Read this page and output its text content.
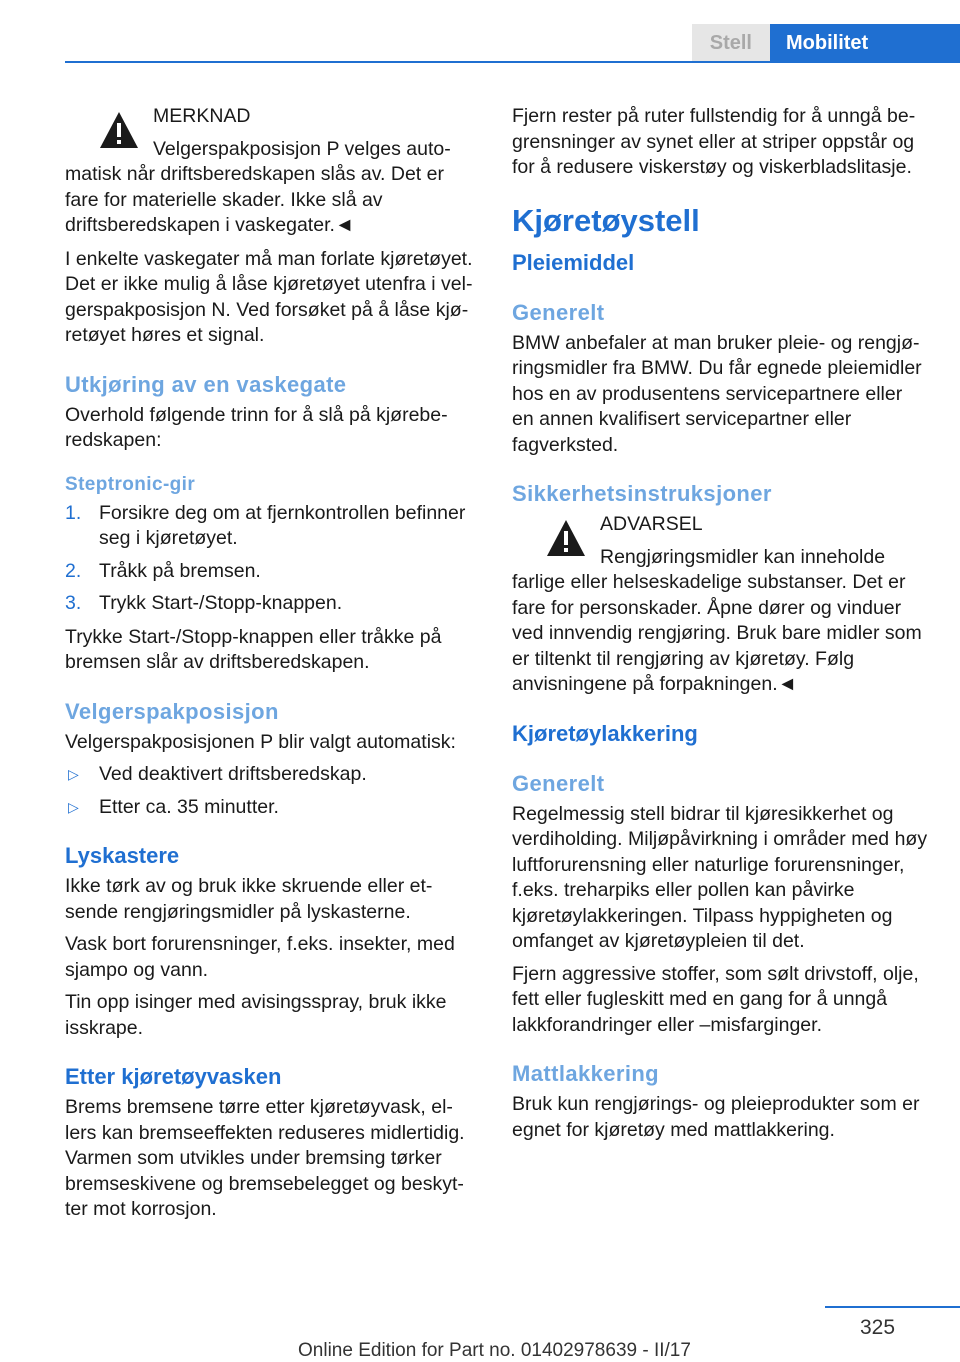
Stell	Mobilitet
MERKNAD

Velgerspakposisjon P velges automatisk når driftsberedskapen slås av. Det er fare for materielle skader. Ikke slå av driftsberedskapen i vaskegater.◄

I enkelte vaskegater må man forlate kjøretøyet. Det er ikke mulig å låse kjøretøyet utenfra i velgerspakposisjon N. Ved forsøket på å låse kjøretøyet høres et signal.

Utkjøring av en vaskegate

Overhold følgende trinn for å slå på kjøreberedskapen:

Steptronic-gir
1. Forsikre deg om at fjernkontrollen befinner seg i kjøretøyet.
2. Tråkk på bremsen.
3. Trykk Start-/Stopp-knappen.

Trykke Start-/Stopp-knappen eller tråkke på bremsen slår av driftsberedskapen.

Velgerspakposisjon

Velgerspakposisjonen P blir valgt automatisk:

▷ Ved deaktivert driftsberedskap.
▷ Etter ca. 35 minutter.
Lyskastere

Ikke tørk av og bruk ikke skruende eller etsende rengjøringsmidler på lyskasterne.

Vask bort forurensninger, f.eks. insekter, med sjampo og vann.

Tin opp isinger med avisingsspray, bruk ikke isskrape.

Etter kjøretøyvasken

Brems bremsene tørre etter kjøretøyvask, ellers kan bremseeffekten reduseres midlertidig. Varmen som utvikles under bremsing tørker bremseskivene og bremsebelegget og beskytter mot korrosjon.

Fjern rester på ruter fullstendig for å unngå begrensninger av synet eller at striper oppstår og for å redusere viskerstøy og viskerbladslitasje.

Kjøretøystell
Pleiemiddel
Generelt

BMW anbefaler at man bruker pleie- og rengjøringsmidler fra BMW. Du får egnede pleiemidler hos en av produsentens servicepartnere eller en annen kvalifisert servicepartner eller fagverksted.

Sikkerhetsinstruksjoner
ADVARSEL

Rengjøringsmidler kan inneholde farlige eller helseskadelige substanser. Det er fare for personskader. Åpne dører og vinduer ved innvendig rengjøring. Bruk bare midler som er tiltenkt til rengjøring av kjøretøy. Følg anvisningene på forpakningen.◄

Kjøretøylakkering
Generelt

Regelmessig stell bidrar til kjøresikkerhet og verdiholding. Miljøpåvirkning i områder med høy luftforurensning eller naturlige forurensninger, f.eks. treharpiks eller pollen kan påvirke kjøretøylakkeringen. Tilpass hyppigheten og omfanget av kjøretøypleien til det.

Fjern aggressive stoffer, som sølt drivstoff, olje, fett eller fugleskitt med en gang for å unngå lakkforandringer eller –misfarginger.

Mattlakkering

Bruk kun rengjørings- og pleieprodukter som er egnet for kjøretøy med mattlakkering.

325
Online Edition for Part no. 01402978639 - II/17
